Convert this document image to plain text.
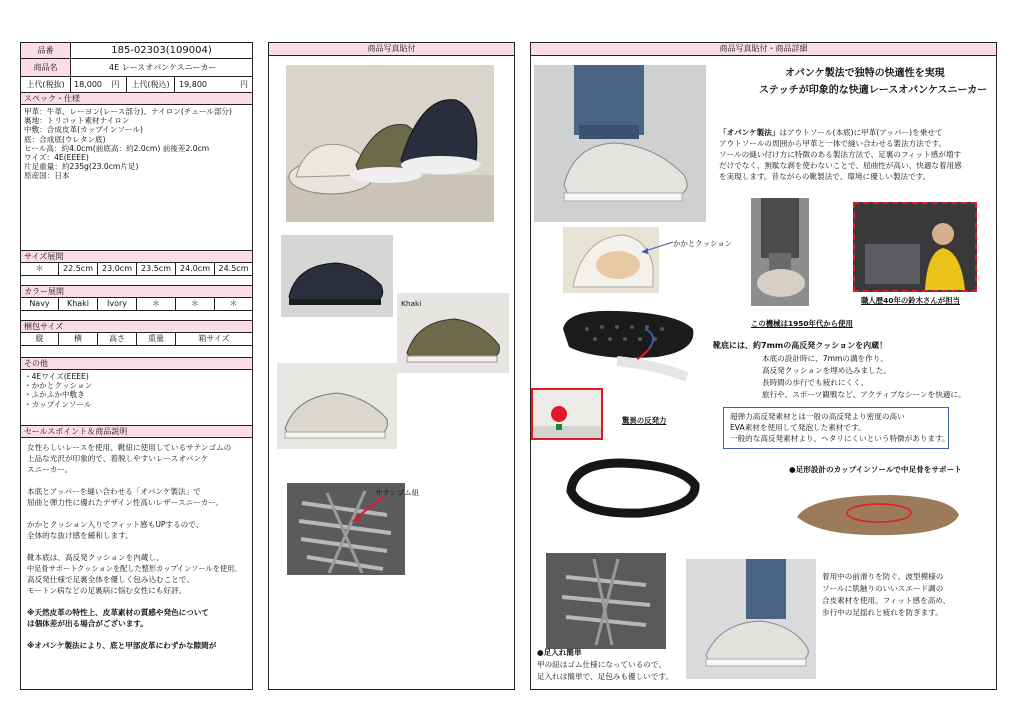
品番	185-02303(109004)
商品名	4E レースオパンケスニーカー
上代(税抜)	18,000	円	上代(税込)	19,800	円
スペック・仕様
甲革：牛革、レーヨン(レース部分)、ナイロン(チュール部分)
裏地：トリコット素材ナイロン
中敷：合成皮革(カップインソール)
底：合成底(ウレタン底)
ヒール高：約4.0cm(前底高：約2.0cm) 前後差2.0cm
ワイズ：4E(EEEE)
片足重量：約235g(23.0cm片足)
原産国：日本
サイズ展開
＊	22.5cm	23.0cm	23.5cm	24.0cm	24.5cm
カラー展開
Navy	Khaki	Ivory	＊	＊	＊
梱包サイズ
縦	横	高さ	重量	箱サイズ
その他
・4Eワイズ(EEEE)
・かかとクッション
・ふかふか中敷き
・カップインソール
セールスポイント＆商品説明
女性らしいレースを使用、靴紐に使用しているサテンゴムの
上品な光沢が印象的で、着脱しやすいレースオパンケ
スニーカー。
本底とアッパーを縫い合わせる「オパンケ製法」で
屈曲と弾力性に優れたデザイン性高いレザースニーカー。
かかとクッション入りでフィット感もUPするので、
全体的な抜け感を緩和します。
靴本底は、高反発クッションを内蔵し、
中足骨サポートクッションを配した整形カップインソールを使用。
高反発仕様で足裏全体を優しく包み込むことで、
モートン病などの足裏病に悩む女性にも好評。
※天然皮革の特性上、皮革素材の質感や発色について
は個体差が出る場合がございます。
※オパンケ製法により、底と甲部皮革にわずかな隙間が
商品写真貼付
Khaki
サテンゴム紐
商品写真貼付・商品詳細
オパンケ製法で独特の快適性を実現
ステッチが印象的な快適レースオパンケスニーカー
「オパンケ製法」はアウトソール(本底)に甲革(アッパー)を乗せて
アウトソールの周囲から甲革と一体で縫い合わせる製法方法です。
ソールの縫い付け方に特徴のある製法方法で、足裏のフィット感が増す
だけでなく、無駄な剥を使わないことで、屈曲性が高い、快適な着用感
を実現します。昔ながらの靴製法で、環境に優しい製法です。
かかとクッション
この機械は1950年代から使用
職人歴40年の鈴木さんが担当
驚異の反発力
靴底には、約7mmの高反発クッションを内蔵！
本底の設計時に、7mmの溝を作り、
高反発クッションを埋め込みました。
長時間の歩行でも疲れにくく、
旅行や、スポーツ観戦など、アクティブなシーンを快適に。
超弾力高反発素材とは一般の高反発より密度の高い
EVA素材を使用して発泡した素材です。
一般的な高反発素材より、ヘタリにくいという特徴があります。
●足形設計のカップインソールで中足骨をサポート
●足入れ簡単
甲の紐はゴム仕様になっているので、
足入れは簡単で、足包みも優しいです。
着用中の前滑りを防ぐ、波型模様の
ソールに肌触りのいいスエード調の
合皮素材を使用。フィット感を高め、
歩行中の足揺れと疲れを防ぎます。
